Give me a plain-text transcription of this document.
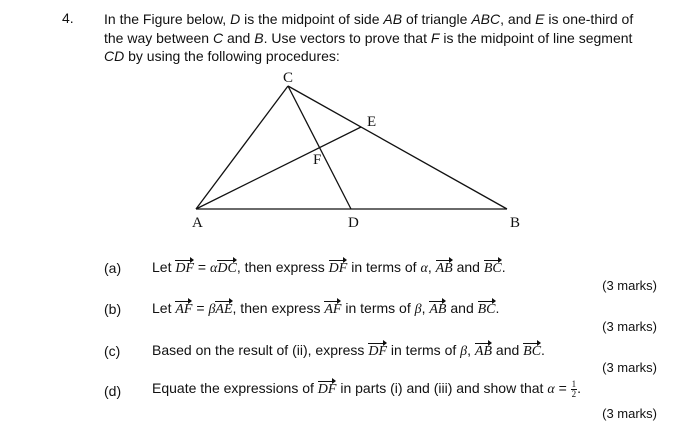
4. In the Figure below, D is the midpoint of side AB of triangle ABC, and E is one-third of the way between C and B. Use vectors to prove that F is the midpoint of line segment CD by using the following procedures:
C
E
F
A	D	B
(a) Let DF = αDC, then express DF in terms of α, AB and BC.
(3 marks)
(b) Let AF = βAE, then express AF in terms of β, AB and BC.
(3 marks)
(c) Based on the result of (ii), express DF in terms of β, AB and BC.
(3 marks)
(d) Equate the expressions of DF in parts (i) and (iii) and show that $\alpha = \frac{1}{2}$ .
(3 marks)
